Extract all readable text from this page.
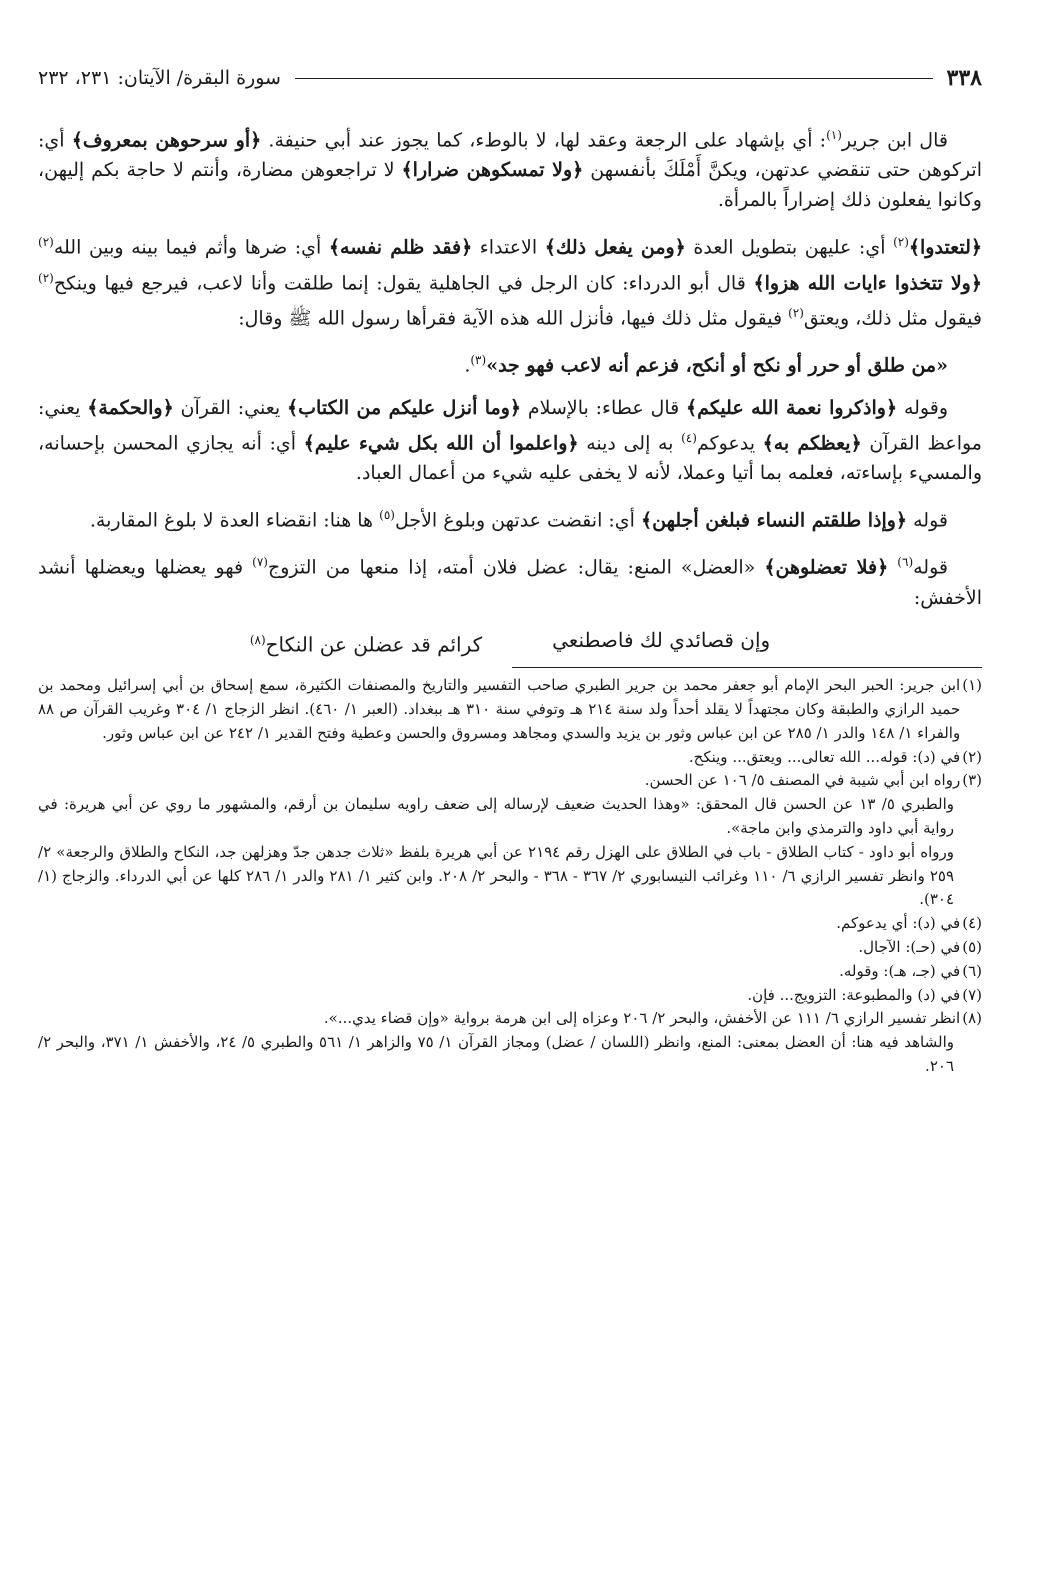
٣٣٨
سورة البقرة/ الآيتان: ٢٣١، ٢٣٢

قال ابن جرير$^{(١)}$: أي بإشهاد على الرجعة وعقد لها، لا بالوطء، كما يجوز عند أبي حنيفة. ﴿أو سرحوهن بمعروف﴾ أي: اتركوهن حتى تنقضي عدتهن، ويكنَّ أَمْلَكَ بأنفسهن ﴿ولا تمسكوهن ضرارا﴾ لا تراجعوهن مضارة، وأنتم لا حاجة بكم إليهن، وكانوا يفعلون ذلك إضراراً بالمرأة.

﴿لتعتدوا﴾$^{(٢)}$ أي: عليهن بتطويل العدة ﴿ومن يفعل ذلك﴾ الاعتداء ﴿فقد ظلم نفسه﴾ أي: ضرها وأثم فيما بينه وبين الله$^{(٢)}$ ﴿ولا تتخذوا ءايات الله هزوا﴾ قال أبو الدرداء: كان الرجل في الجاهلية يقول: إنما طلقت وأنا لاعب، فيرجع فيها وينكح$^{(٢)}$ فيقول مثل ذلك، ويعتق$^{(٢)}$ فيقول مثل ذلك فيها، فأنزل الله هذه الآية فقرأها رسول الله ﷺ وقال:

«من طلق أو حرر أو نكح أو أنكح، فزعم أنه لاعب فهو جد»$^{(٣)}$.

وقوله ﴿واذكروا نعمة الله عليكم﴾ قال عطاء: بالإسلام ﴿وما أنزل عليكم من الكتاب﴾ يعني: القرآن ﴿والحكمة﴾ يعني: مواعظ القرآن ﴿يعظكم به﴾ يدعوكم$^{(٤)}$ به إلى دينه ﴿واعلموا أن الله بكل شيء عليم﴾ أي: أنه يجازي المحسن بإحسانه، والمسيء بإساءته، فعلمه بما أتيا وعملا، لأنه لا يخفى عليه شيء من أعمال العباد.

قوله ﴿وإذا طلقتم النساء فبلغن أجلهن﴾ أي: انقضت عدتهن وبلوغ الأجل$^{(٥)}$ ها هنا: انقضاء العدة لا بلوغ المقاربة.

قوله$^{(٦)}$ ﴿فلا تعضلوهن﴾ «العضل» المنع: يقال: عضل فلان أمته، إذا منعها من التزوج$^{(٧)}$ فهو يعضلها ويعضلها أنشد الأخفش:

وإن قصائدي لك فاصطنعي
كرائم قد عضلن عن النكاح$^{(٨)}$
(١)
ابن جرير: الحبر البحر الإمام أبو جعفر محمد بن جرير الطبري صاحب التفسير والتاريخ والمصنفات الكثيرة، سمع إسحاق بن أبي إسرائيل ومحمد بن حميد الرازي والطبقة وكان مجتهداً لا يقلد أحداً ولد سنة ٢١٤ هـ وتوفي سنة ٣١٠ هـ ببغداد. (العبر ١/ ٤٦٠). انظر الزجاج ١/ ٣٠٤ وغريب القرآن ص ٨٨ والفراء ١/ ١٤٨ والدر ١/ ٢٨٥ عن ابن عباس وثور بن يزيد والسدي ومجاهد ومسروق والحسن وعطية وفتح القدير ١/ ٢٤٢ عن ابن عباس وثور.
(٢)
في (د): قوله... الله تعالى... ويعتق... وينكح.
(٣)
رواه ابن أبي شيبة في المصنف ٥/ ١٠٦ عن الحسن.
والطبري ٥/ ١٣ عن الحسن قال المحقق: «وهذا الحديث ضعيف لإرساله إلى ضعف راويه سليمان بن أرقم، والمشهور ما روي عن أبي هريرة: في رواية أبي داود والترمذي وابن ماجة».
ورواه أبو داود - كتاب الطلاق - باب في الطلاق على الهزل رقم ٢١٩٤ عن أبي هريرة بلفظ «ثلاث جدهن جدّ وهزلهن جد، النكاح والطلاق والرجعة» ٢/ ٢٥٩ وانظر تفسير الرازي ٦/ ١١٠ وغرائب النيسابوري ٢/ ٣٦٧ - ٣٦٨ - والبحر ٢/ ٢٠٨. وابن كثير ١/ ٢٨١ والدر ١/ ٢٨٦ كلها عن أبي الدرداء. والزجاج (١/ ٣٠٤).
(٤)
في (د): أي يدعوكم.
(٥)
في (حـ): الآجال.
(٦)
في (جـ، هـ): وقوله.
(٧)
في (د) والمطبوعة: التزويج... فإن.
(٨)
انظر تفسير الرازي ٦/ ١١١ عن الأخفش، والبحر ٢/ ٢٠٦ وعزاه إلى ابن هرمة برواية «وإن قضاء يدي...».
والشاهد فيه هنا: أن العضل بمعنى: المنع، وانظر (اللسان / عضل) ومجاز القرآن ١/ ٧٥ والزاهر ١/ ٥٦١ والطبري ٥/ ٢٤، والأخفش ١/ ٣٧١، والبحر ٢/ ٢٠٦.
